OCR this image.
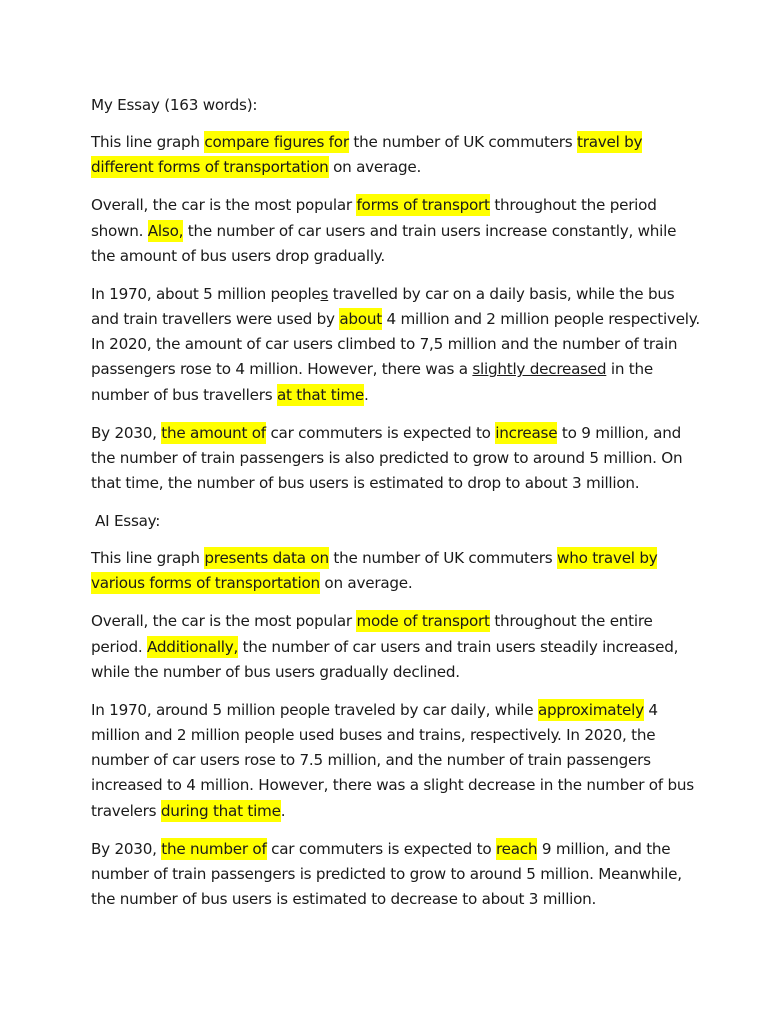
My Essay (163 words):

This line graph compare figures for the number of UK commuters travel by
different forms of transportation on average.

Overall, the car is the most popular forms of transport throughout the period
shown. Also, the number of car users and train users increase constantly, while
the amount of bus users drop gradually.

In 1970, about 5 million peoples travelled by car on a daily basis, while the bus
and train travellers were used by about 4 million and 2 million people respectively.
In 2020, the amount of car users climbed to 7,5 million and the number of train
passengers rose to 4 million. However, there was a slightly decreased in the
number of bus travellers at that time.

By 2030, the amount of car commuters is expected to increase to 9 million, and
the number of train passengers is also predicted to grow to around 5 million. On
that time, the number of bus users is estimated to drop to about 3 million.

AI Essay:

This line graph presents data on the number of UK commuters who travel by
various forms of transportation on average.

Overall, the car is the most popular mode of transport throughout the entire
period. Additionally, the number of car users and train users steadily increased,
while the number of bus users gradually declined.

In 1970, around 5 million people traveled by car daily, while approximately 4
million and 2 million people used buses and trains, respectively. In 2020, the
number of car users rose to 7.5 million, and the number of train passengers
increased to 4 million. However, there was a slight decrease in the number of bus
travelers during that time.

By 2030, the number of car commuters is expected to reach 9 million, and the
number of train passengers is predicted to grow to around 5 million. Meanwhile,
the number of bus users is estimated to decrease to about 3 million.
